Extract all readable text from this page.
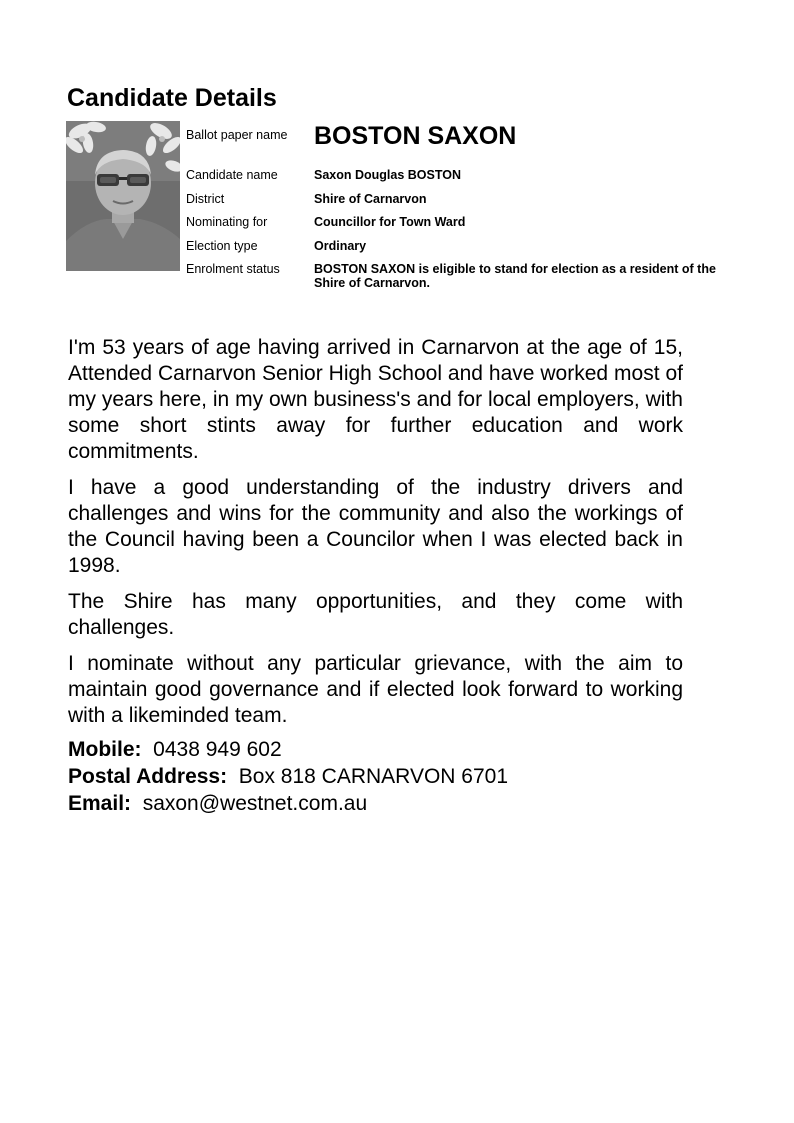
Candidate Details
Ballot paper name	BOSTON SAXON
Candidate name	Saxon Douglas BOSTON
District	Shire of Carnarvon
Nominating for	Councillor for Town Ward
Election type	Ordinary
Enrolment status	BOSTON SAXON is eligible to stand for election as a resident of the Shire of Carnarvon.

I'm 53 years of age having arrived in Carnarvon at the age of 15, Attended Carnarvon Senior High School and have worked most of my years here, in my own business's and for local employers, with some short stints away for further education and work commitments.

I have a good understanding of the industry drivers and challenges and wins for the community and also the workings of the Council having been a Councilor when I was elected back in 1998.

The Shire has many opportunities, and they come with challenges.

I nominate without any particular grievance, with the aim to maintain good governance and if elected look forward to working with a likeminded team.

Mobile: 0438 949 602
Postal Address: Box 818 CARNARVON 6701
Email: saxon@westnet.com.au
